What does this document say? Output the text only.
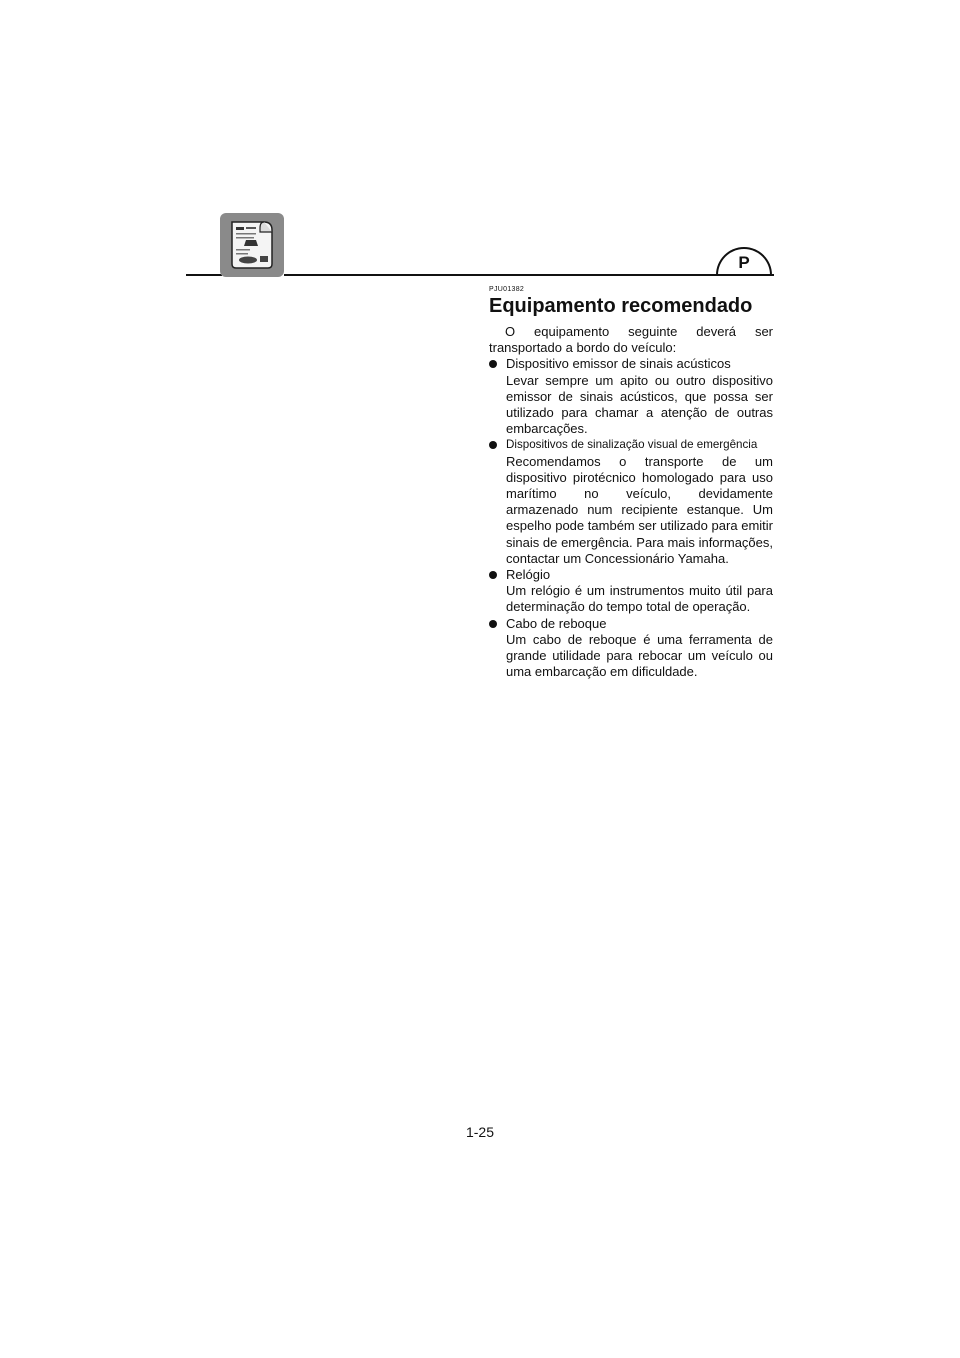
P

PJU01382

Equipamento recomendado

O equipamento seguinte deverá ser transportado a bordo do veículo:

Dispositivo emissor de sinais acústicos

Levar sempre um apito ou outro dispositivo emissor de sinais acústicos, que possa ser utilizado para chamar a atenção de outras embarcações.

Dispositivos de sinalização visual de emergência

Recomendamos o transporte de um dispositivo pirotécnico homologado para uso marítimo no veículo, devidamente armazenado num recipiente estanque. Um espelho pode também ser utilizado para emitir sinais de emergência. Para mais informações, contactar um Concessionário Yamaha.

Relógio

Um relógio é um instrumentos muito útil para determinação do tempo total de operação.

Cabo de reboque

Um cabo de reboque é uma ferramenta de grande utilidade para rebocar um veículo ou uma embarcação em dificuldade.

1-25
